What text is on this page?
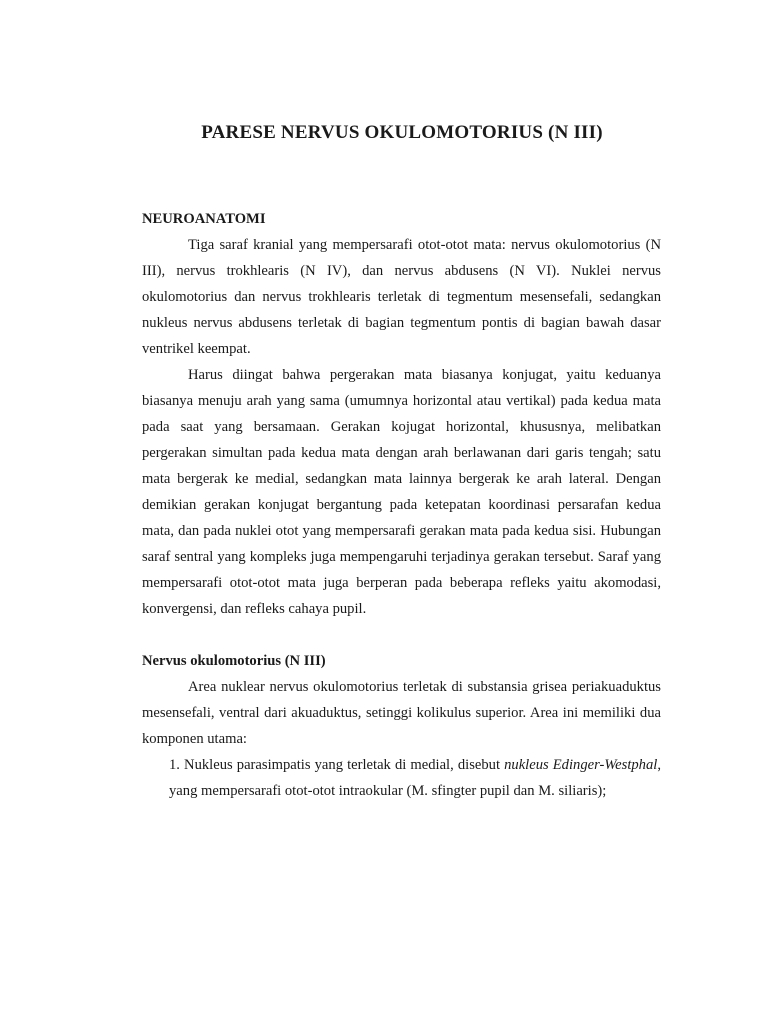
PARESE NERVUS OKULOMOTORIUS (N III)

NEUROANATOMI

Tiga saraf kranial yang mempersarafi otot-otot mata: nervus okulomotorius (N III), nervus trokhlearis (N IV), dan nervus abdusens (N VI). Nuklei nervus okulomotorius dan nervus trokhlearis terletak di tegmentum mesensefali, sedangkan nukleus nervus abdusens terletak di bagian tegmentum pontis di bagian bawah dasar ventrikel keempat.

Harus diingat bahwa pergerakan mata biasanya konjugat, yaitu keduanya biasanya menuju arah yang sama (umumnya horizontal atau vertikal) pada kedua mata pada saat yang bersamaan. Gerakan kojugat horizontal, khususnya, melibatkan pergerakan simultan pada kedua mata dengan arah berlawanan dari garis tengah; satu mata bergerak ke medial, sedangkan mata lainnya bergerak ke arah lateral. Dengan demikian gerakan konjugat bergantung pada ketepatan koordinasi persarafan kedua mata, dan pada nuklei otot yang mempersarafi gerakan mata pada kedua sisi. Hubungan saraf sentral yang kompleks juga mempengaruhi terjadinya gerakan tersebut. Saraf yang mempersarafi otot-otot mata juga berperan pada beberapa refleks yaitu akomodasi, konvergensi, dan refleks cahaya pupil.

Nervus okulomotorius (N III)

Area nuklear nervus okulomotorius terletak di substansia grisea periakuaduktus mesensefali, ventral dari akuaduktus, setinggi kolikulus superior. Area ini memiliki dua komponen utama:

1. Nukleus parasimpatis yang terletak di medial, disebut nukleus Edinger-Westphal, yang mempersarafi otot-otot intraokular (M. sfingter pupil dan M. siliaris);
